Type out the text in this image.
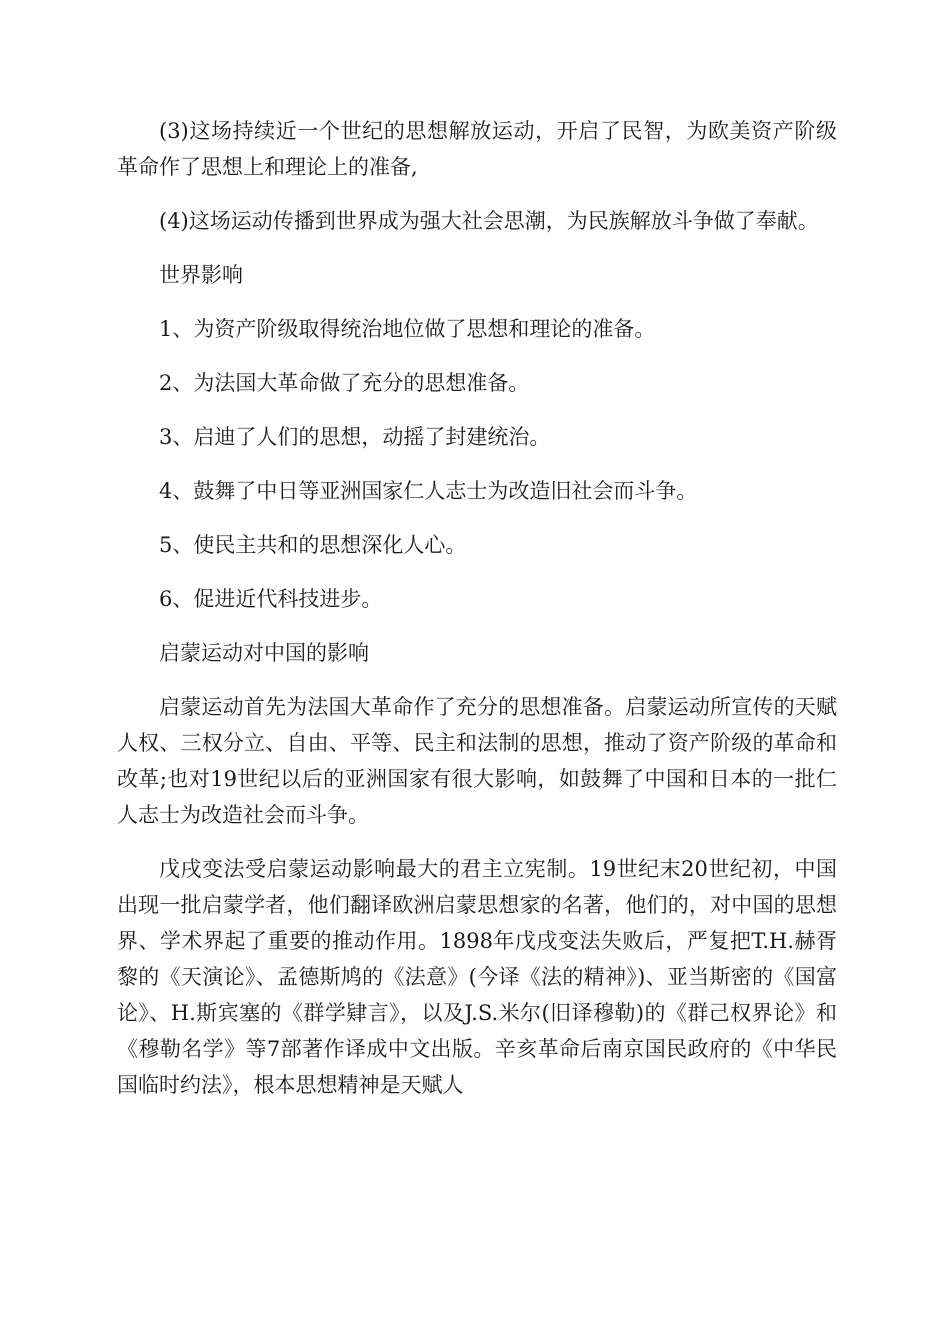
(3)这场持续近一个世纪的思想解放运动，开启了民智，为欧美资产阶级革命作了思想上和理论上的准备,

(4)这场运动传播到世界成为强大社会思潮，为民族解放斗争做了奉献。

世界影响

1、为资产阶级取得统治地位做了思想和理论的准备。

2、为法国大革命做了充分的思想准备。

3、启迪了人们的思想，动摇了封建统治。

4、鼓舞了中日等亚洲国家仁人志士为改造旧社会而斗争。

5、使民主共和的思想深化人心。

6、促进近代科技进步。

启蒙运动对中国的影响

启蒙运动首先为法国大革命作了充分的思想准备。启蒙运动所宣传的天赋人权、三权分立、自由、平等、民主和法制的思想，推动了资产阶级的革命和改革;也对19世纪以后的亚洲国家有很大影响，如鼓舞了中国和日本的一批仁人志士为改造社会而斗争。

戊戌变法受启蒙运动影响最大的君主立宪制。19世纪末20世纪初，中国出现一批启蒙学者，他们翻译欧洲启蒙思想家的名著，他们的，对中国的思想界、学术界起了重要的推动作用。1898年戊戌变法失败后，严复把T.H.赫胥黎的《天演论》、孟德斯鸠的《法意》(今译《法的精神》)、亚当斯密的《国富论》、H.斯宾塞的《群学肄言》，以及J.S.米尔(旧译穆勒)的《群己权界论》和《穆勒名学》等7部著作译成中文出版。辛亥革命后南京国民政府的《中华民国临时约法》，根本思想精神是天赋人
